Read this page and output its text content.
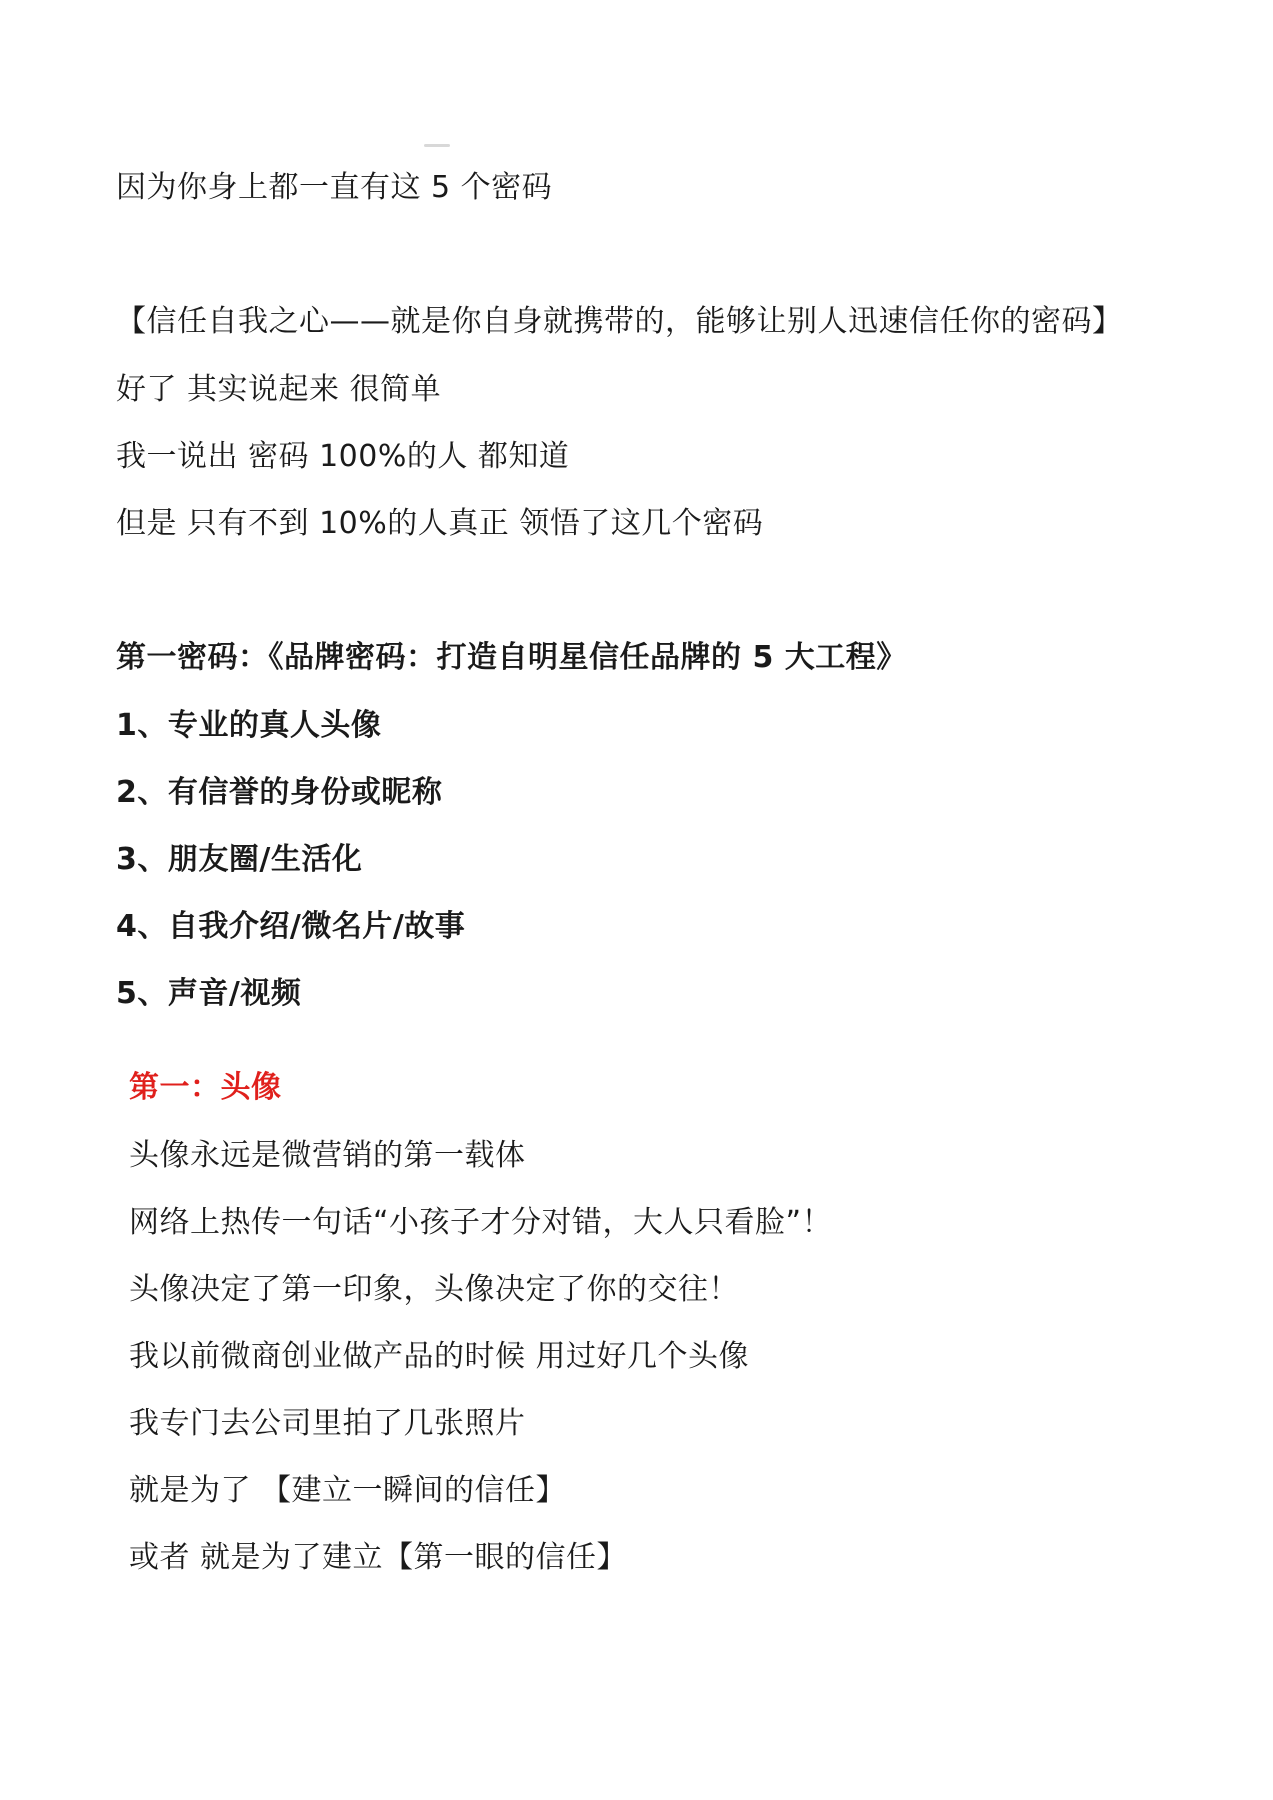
因为你身上都一直有这 5 个密码
【信任自我之心——就是你自身就携带的，能够让别人迅速信任你的密码】
好了 其实说起来 很简单
我一说出 密码 100%的人 都知道
但是 只有不到 10%的人真正 领悟了这几个密码
第一密码：《品牌密码：打造自明星信任品牌的 5 大工程》
1、专业的真人头像
2、有信誉的身份或昵称
3、朋友圈/生活化
4、自我介绍/微名片/故事
5、声音/视频
第一：头像
头像永远是微营销的第一载体
网络上热传一句话“小孩子才分对错，大人只看脸”！
头像决定了第一印象，头像决定了你的交往！
我以前微商创业做产品的时候 用过好几个头像
我专门去公司里拍了几张照片
就是为了 【建立一瞬间的信任】
或者 就是为了建立【第一眼的信任】
